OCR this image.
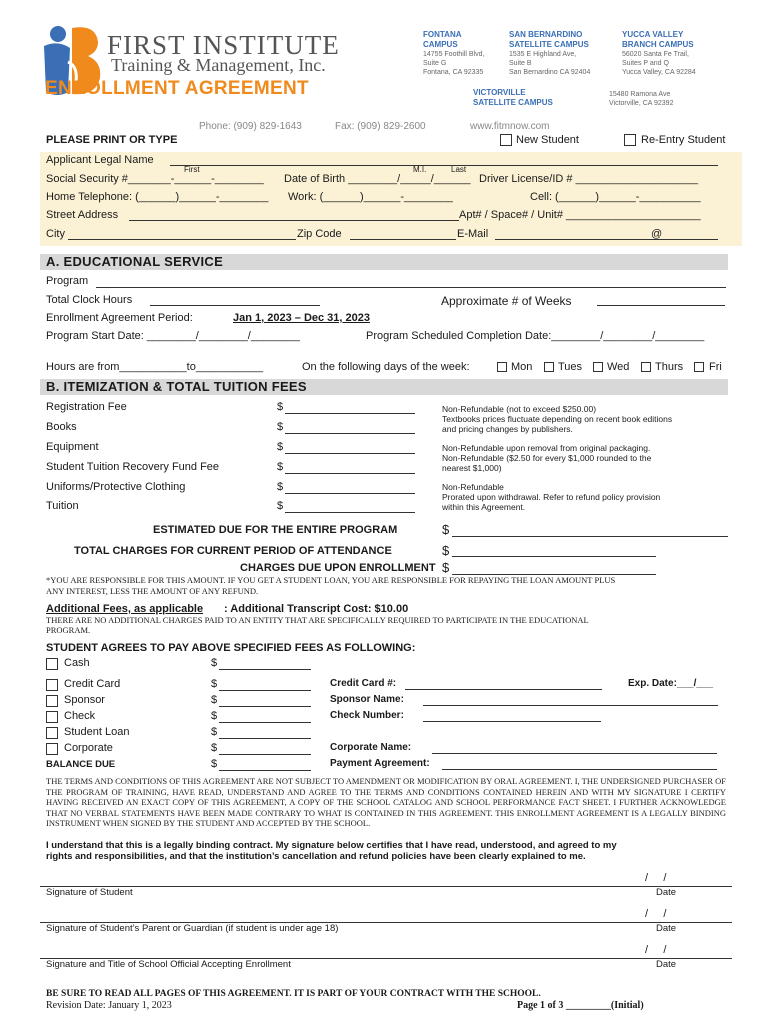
FIRST INSTITUTE
Training & Management, Inc.
ENROLLMENT AGREEMENT
FONTANA
CAMPUS
14755 Foothill Blvd,
Suite G
Fontana, CA 92335
SAN BERNARDINO
SATELLITE CAMPUS
1535 E Highland Ave,
Suite B
San Bernardino CA 92404
YUCCA VALLEY
BRANCH CAMPUS
56020 Santa Fe Trail,
Suites P and Q
Yucca Valley, CA 92284
VICTORVILLE
SATELLITE CAMPUS
15480 Ramona Ave
Victorville, CA 92392
Phone: (909) 829-1643	Fax: (909) 829-2600	www.fitmnow.com
PLEASE PRINT OR TYPE	New Student	Re-Entry Student
Applicant Legal Name
First	M.I.	Last
Social Security #_______-______-________ Date of Birth ________/_____/______ Driver License/ID # ____________________
Home Telephone: (______)______-________ Work: (______)______-________	Cell: (______)______-__________
Street Address	Apt# / Space# / Unit# ______________________
City	Zip Code	E-Mail	@
A. EDUCATIONAL SERVICE
Program
Total Clock Hours	Approximate # of Weeks
Enrollment Agreement Period:	Jan 1, 2023 – Dec 31, 2023
Program Start Date: ________/________/________	Program Scheduled Completion Date:________/________/________
Hours are from___________to___________	On the following days of the week:	Mon Tues Wed Thurs Fri
B. ITEMIZATION & TOTAL TUITION FEES
Registration Fee	$
Books	$
Equipment	$
Student Tuition Recovery Fund Fee	$
Uniforms/Protective Clothing	$
Tuition	$
Non-Refundable (not to exceed $250.00)
Textbooks prices fluctuate depending on recent book editions
and pricing changes by publishers.
Non-Refundable upon removal from original packaging.
Non-Refundable ($2.50 for every $1,000 rounded to the
nearest $1,000)
Non-Refundable
Prorated upon withdrawal. Refer to refund policy provision
within this Agreement.
ESTIMATED DUE FOR THE ENTIRE PROGRAM	$
TOTAL CHARGES FOR CURRENT PERIOD OF ATTENDANCE	$
CHARGES DUE UPON ENROLLMENT $
*YOU ARE RESPONSIBLE FOR THIS AMOUNT. IF YOU GET A STUDENT LOAN, YOU ARE RESPONSIBLE FOR REPAYING THE LOAN AMOUNT PLUS
ANY INTEREST, LESS THE AMOUNT OF ANY REFUND.
Additional Fees, as applicable : Additional Transcript Cost: $10.00
THERE ARE NO ADDITIONAL CHARGES PAID TO AN ENTITY THAT ARE SPECIFICALLY REQUIRED TO PARTICIPATE IN THE EDUCATIONAL
PROGRAM.
STUDENT AGREES TO PAY ABOVE SPECIFIED FEES AS FOLLOWING:
Cash	$
Credit Card	$
Sponsor	$
Check	$
Student Loan	$
Corporate	$
BALANCE DUE	$
Credit Card #:	Exp. Date:___/___
Sponsor Name:
Check Number:
Corporate Name:
Payment Agreement:
THE TERMS AND CONDITIONS OF THIS AGREEMENT ARE NOT SUBJECT TO AMENDMENT OR MODIFICATION BY ORAL AGREEMENT. I, THE UNDERSIGNED PURCHASER OF THE PROGRAM OF TRAINING, HAVE READ, UNDERSTAND AND AGREE TO THE TERMS AND CONDITIONS CONTAINED HEREIN AND WITH MY SIGNATURE I CERTIFY HAVING RECEIVED AN EXACT COPY OF THIS AGREEMENT, A COPY OF THE SCHOOL CATALOG AND SCHOOL PERFORMANCE FACT SHEET. I FURTHER ACKNOWLEDGE THAT NO VERBAL STATEMENTS HAVE BEEN MADE CONTRARY TO WHAT IS CONTAINED IN THIS AGREEMENT. THIS ENROLLMENT AGREEMENT IS A LEGALLY BINDING INSTRUMENT WHEN SIGNED BY THE STUDENT AND ACCEPTED BY THE SCHOOL.
I understand that this is a legally binding contract. My signature below certifies that I have read, understood, and agreed to my
rights and responsibilities, and that the institution’s cancellation and refund policies have been clearly explained to me.
/     /
Signature of Student	Date
/     /
Signature of Student’s Parent or Guardian (if student is under age 18)	Date
/     /
Signature and Title of School Official Accepting Enrollment	Date
BE SURE TO READ ALL PAGES OF THIS AGREEMENT. IT IS PART OF YOUR CONTRACT WITH THE SCHOOL.
Revision Date: January 1, 2023	Page 1 of 3 _________(Initial)
